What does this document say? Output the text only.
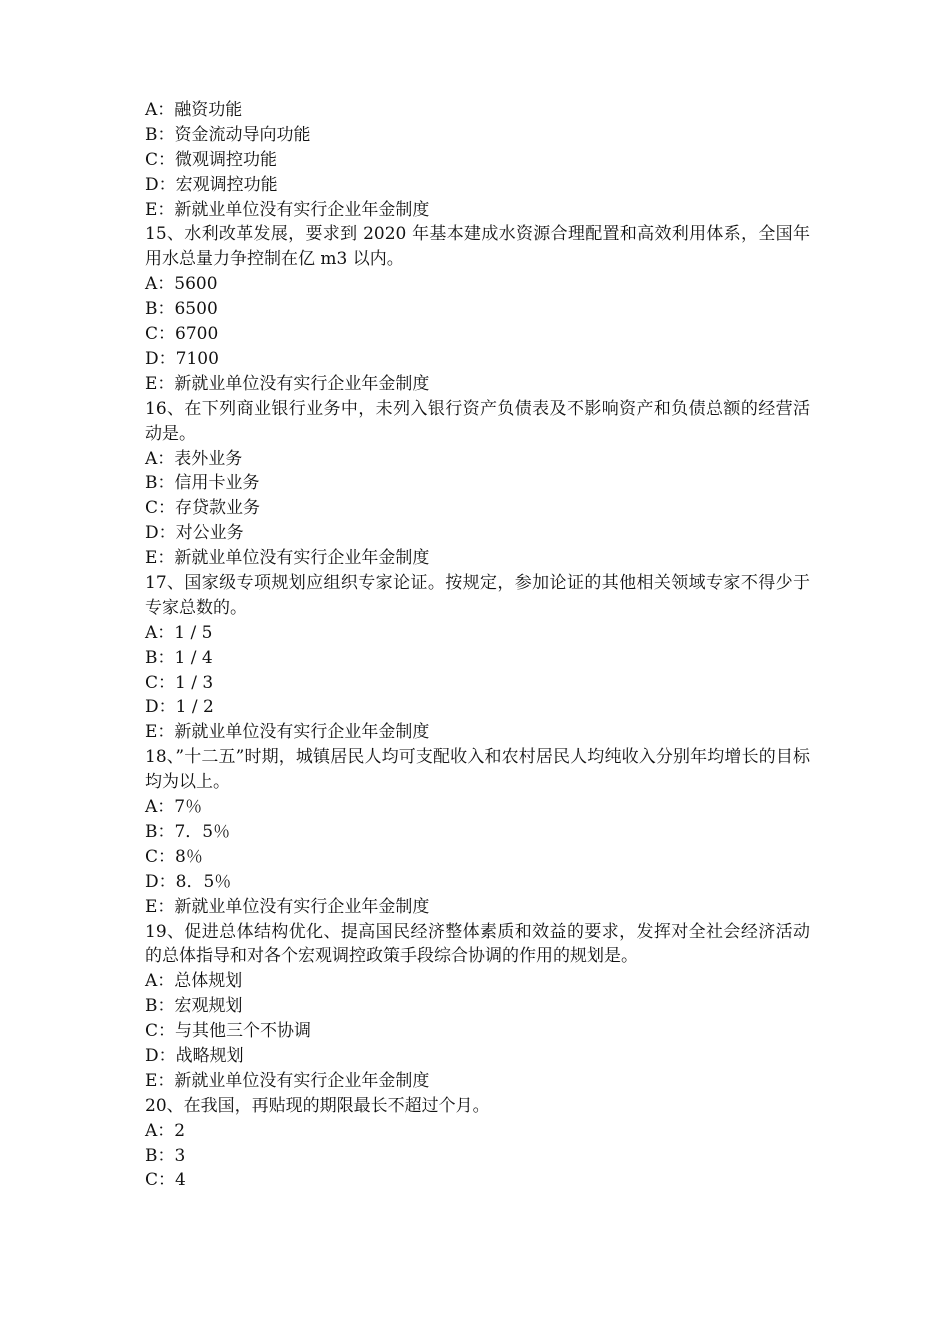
A：融资功能
B：资金流动导向功能
C：微观调控功能
D：宏观调控功能
E：新就业单位没有实行企业年金制度
15、水利改革发展，要求到 2020 年基本建成水资源合理配置和高效利用体系，全国年用水总量力争控制在亿 m3 以内。
A：5600
B：6500
C：6700
D：7100
E：新就业单位没有实行企业年金制度
16、在下列商业银行业务中，未列入银行资产负债表及不影响资产和负债总额的经营活动是。
A：表外业务
B：信用卡业务
C：存贷款业务
D：对公业务
E：新就业单位没有实行企业年金制度
17、国家级专项规划应组织专家论证。按规定，参加论证的其他相关领域专家不得少于专家总数的。
A：1 / 5
B：1 / 4
C：1 / 3
D：1 / 2
E：新就业单位没有实行企业年金制度
18、”十二五”时期，城镇居民人均可支配收入和农村居民人均纯收入分别年均增长的目标均为以上。
A：7％
B：7．5％
C：8％
D：8．5％
E：新就业单位没有实行企业年金制度
19、促进总体结构优化、提高国民经济整体素质和效益的要求，发挥对全社会经济活动的总体指导和对各个宏观调控政策手段综合协调的作用的规划是。
A：总体规划
B：宏观规划
C：与其他三个不协调
D：战略规划
E：新就业单位没有实行企业年金制度
20、在我国，再贴现的期限最长不超过个月。
A：2
B：3
C：4
